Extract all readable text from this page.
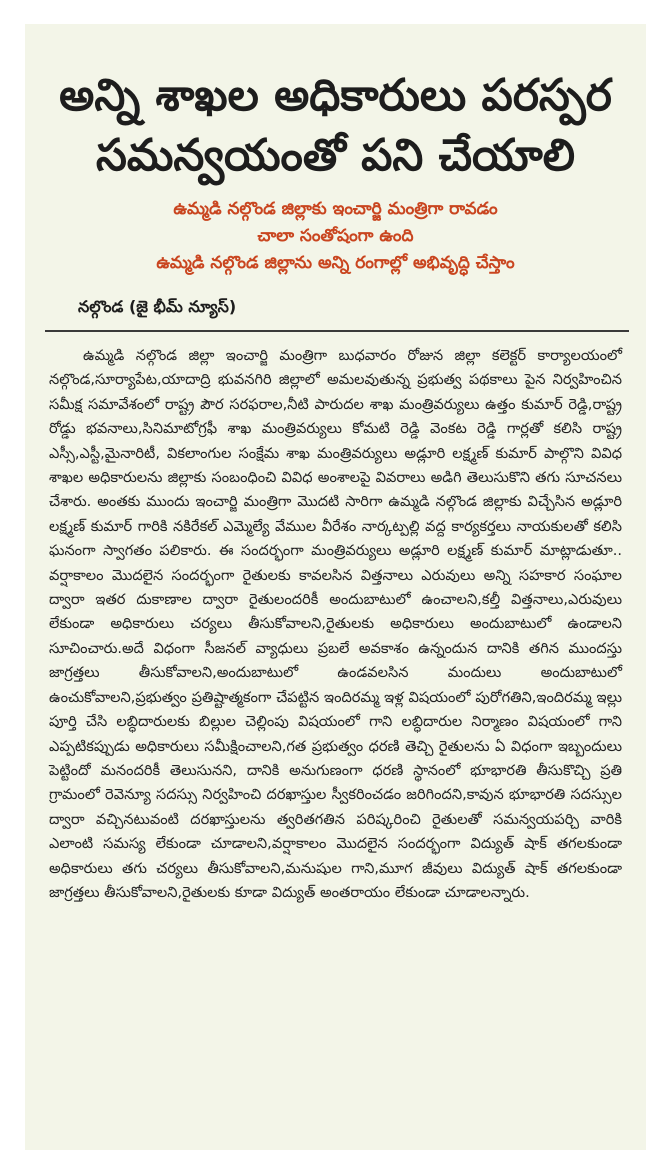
అన్ని శాఖల అధికారులు పరస్పర
సమన్వయంతో పని చేయాలి
ఉమ్మడి నల్గొండ జిల్లాకు ఇంచార్జి మంత్రిగా రావడం
చాలా సంతోషంగా ఉంది
ఉమ్మడి నల్గొండ జిల్లాను అన్ని రంగాల్లో అభివృద్ధి చేస్తాం
నల్గొండ (జై భీమ్ న్యూస్)
ఉమ్మడి నల్గొండ జిల్లా ఇంచార్జి మంత్రిగా బుధవారం రోజున జిల్లా కలెక్టర్ కార్యాలయంలో నల్గొండ,సూర్యాపేట,యాదాద్రి భువనగిరి జిల్లాలో అమలవుతున్న ప్రభుత్వ పథకాలు పైన నిర్వహించిన సమీక్ష సమావేశంలో రాష్ట్ర పౌర సరఫరాల,నీటి పారుదల శాఖ మంత్రివర్యులు ఉత్తం కుమార్ రెడ్డి,రాష్ట్ర రోడ్డు భవనాలు,సినిమాటోగ్రఫీ శాఖ మంత్రివర్యులు కోమటి రెడ్డి వెంకట రెడ్డి గార్లతో కలిసి రాష్ట్ర ఎస్సీ,ఎస్టీ,మైనారిటీ, వికలాంగుల సంక్షేమ శాఖ మంత్రివర్యులు అడ్లూరి లక్ష్మణ్ కుమార్ పాల్గొని వివిధ శాఖల అధికారులను జిల్లాకు సంబంధించి వివిధ అంశాలపై వివరాలు అడిగి తెలుసుకొని తగు సూచనలు చేశారు. అంతకు ముందు ఇంచార్జి మంత్రిగా మొదటి సారిగా ఉమ్మడి నల్గొండ జిల్లాకు విచ్చేసిన అడ్లూరి లక్ష్మణ్ కుమార్ గారికి నకిరేకల్ ఎమ్మెల్యే వేముల వీరేశం నార్కట్పల్లి వద్ద కార్యకర్తలు నాయకులతో కలిసి ఘనంగా స్వాగతం పలికారు. ఈ సందర్భంగా మంత్రివర్యులు అడ్లూరి లక్ష్మణ్ కుమార్ మాట్లాడుతూ.. వర్షాకాలం మొదలైన సందర్భంగా రైతులకు కావలసిన విత్తనాలు ఎరువులు అన్ని సహకార సంఘాల ద్వారా ఇతర దుకాణాల ద్వారా రైతులందరికీ అందుబాటులో ఉంచాలని,కల్తీ విత్తనాలు,ఎరువులు లేకుండా అధికారులు చర్యలు తీసుకోవాలని,రైతులకు అధికారులు అందుబాటులో ఉండాలని సూచించారు.అదే విధంగా సీజనల్ వ్యాధులు ప్రబలే అవకాశం ఉన్నందున దానికి తగిన ముందస్తు జాగ్రత్తలు తీసుకోవాలని,అందుబాటులో ఉండవలసిన మందులు అందుబాటులో ఉంచుకోవాలని,ప్రభుత్వం ప్రతిష్టాత్మకంగా చేపట్టిన ఇందిరమ్మ ఇళ్ల విషయంలో పురోగతిని,ఇందిరమ్మ ఇల్లు పూర్తి చేసి లబ్ధిదారులకు బిల్లుల చెల్లింపు విషయంలో గాని లబ్ధిదారుల నిర్మాణం విషయంలో గాని ఎప్పటికప్పుడు అధికారులు సమీక్షించాలని,గత ప్రభుత్వం ధరణి తెచ్చి రైతులను ఏ విధంగా ఇబ్బందులు పెట్టిందో మనందరికీ తెలుసునని, దానికి అనుగుణంగా ధరణి స్థానంలో భూభారతి తీసుకొచ్చి ప్రతి గ్రామంలో రెవెన్యూ సదస్సు నిర్వహించి దరఖాస్తుల స్వీకరించడం జరిగిందని,కావున భూభారతి సదస్సుల ద్వారా వచ్చినటువంటి దరఖాస్తులను త్వరితగతిన పరిష్కరించి రైతులతో సమన్వయపర్చి వారికి ఎలాంటి సమస్య లేకుండా చూడాలని,వర్షాకాలం మొదలైన సందర్భంగా విద్యుత్ షాక్ తగలకుండా అధికారులు తగు చర్యలు తీసుకోవాలని,మనుషుల గాని,మూగ జీవులు విద్యుత్ షాక్ తగలకుండా జాగ్రత్తలు తీసుకోవాలని,రైతులకు కూడా విద్యుత్ అంతరాయం లేకుండా చూడాలన్నారు.
